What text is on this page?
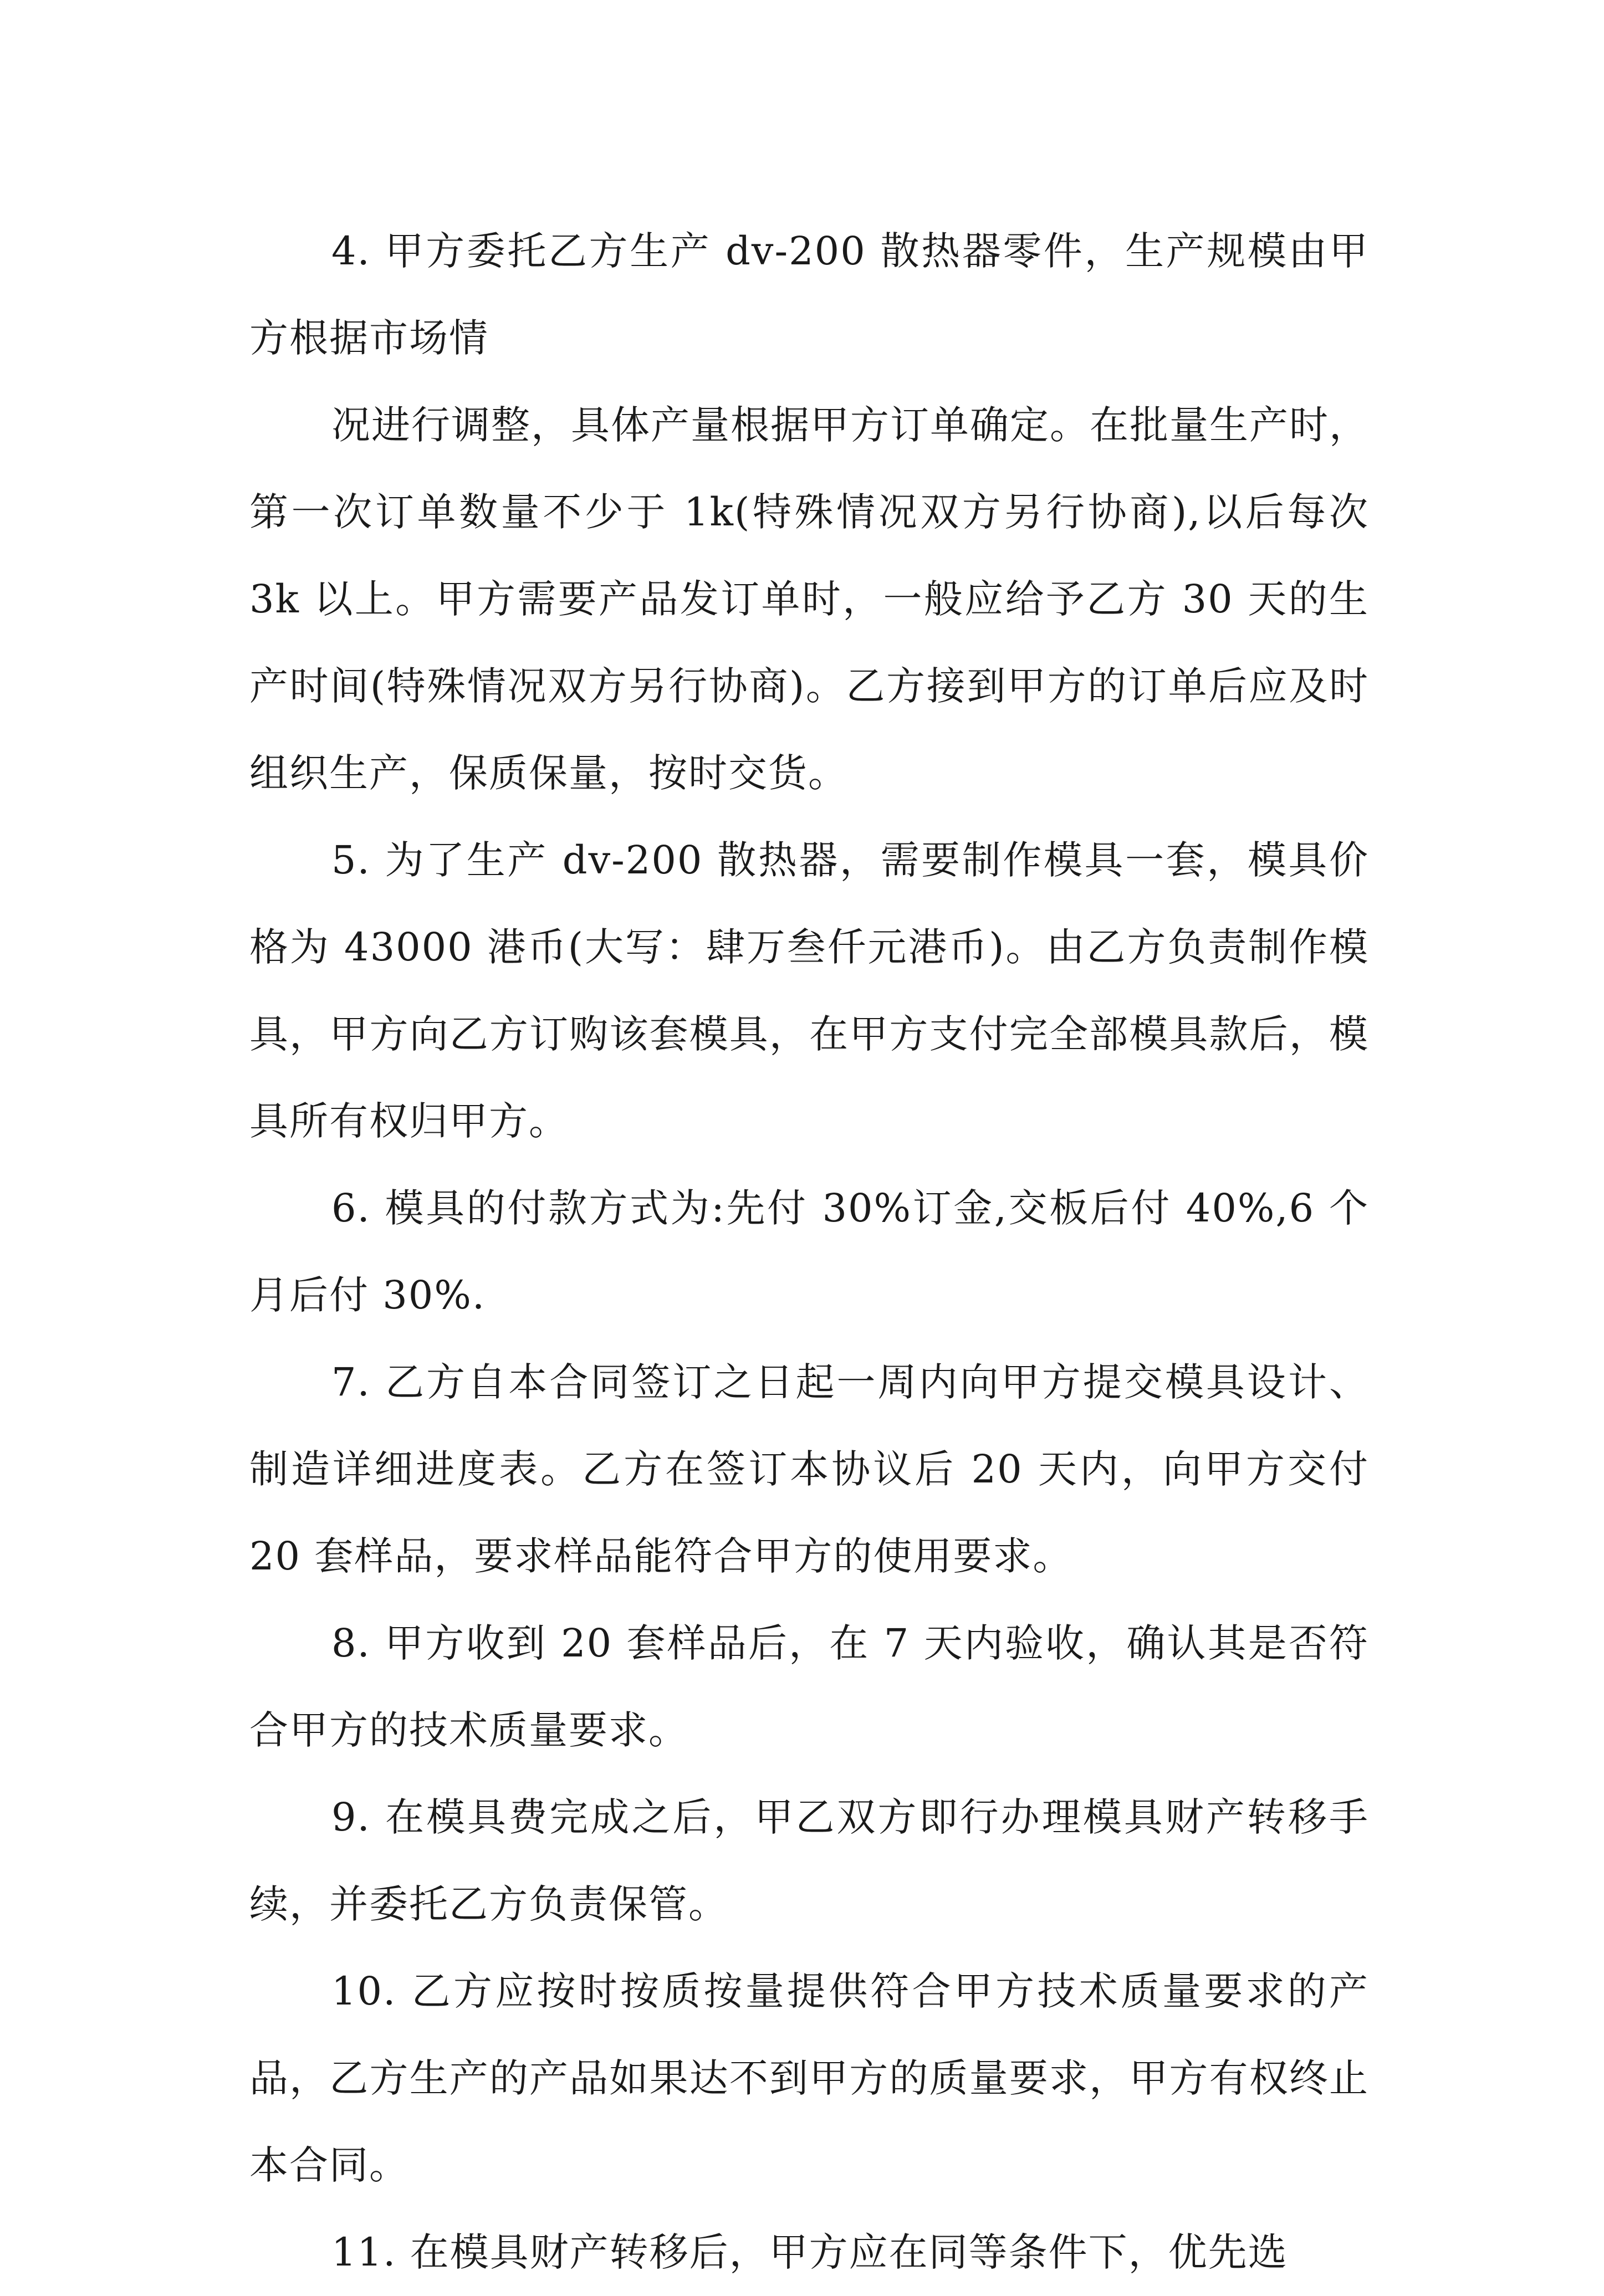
4. 甲方委托乙方生产 dv-200 散热器零件，生产规模由甲方根据市场情

况进行调整，具体产量根据甲方订单确定。在批量生产时，第一次订单数量不少于 1k(特殊情况双方另行协商),以后每次 3k 以上。甲方需要产品发订单时，一般应给予乙方 30 天的生产时间(特殊情况双方另行协商)。乙方接到甲方的订单后应及时组织生产，保质保量，按时交货。

5. 为了生产 dv-200 散热器，需要制作模具一套，模具价格为 43000 港币(大写：肆万叁仟元港币)。由乙方负责制作模具，甲方向乙方订购该套模具，在甲方支付完全部模具款后，模具所有权归甲方。

6. 模具的付款方式为:先付 30%订金,交板后付 40%,6 个月后付 30%.

7. 乙方自本合同签订之日起一周内向甲方提交模具设计、制造详细进度表。乙方在签订本协议后 20 天内，向甲方交付 20 套样品，要求样品能符合甲方的使用要求。

8. 甲方收到 20 套样品后，在 7 天内验收，确认其是否符合甲方的技术质量要求。

9. 在模具费完成之后，甲乙双方即行办理模具财产转移手续，并委托乙方负责保管。

10. 乙方应按时按质按量提供符合甲方技术质量要求的产品，乙方生产的产品如果达不到甲方的质量要求，甲方有权终止本合同。

11. 在模具财产转移后，甲方应在同等条件下，优先选
